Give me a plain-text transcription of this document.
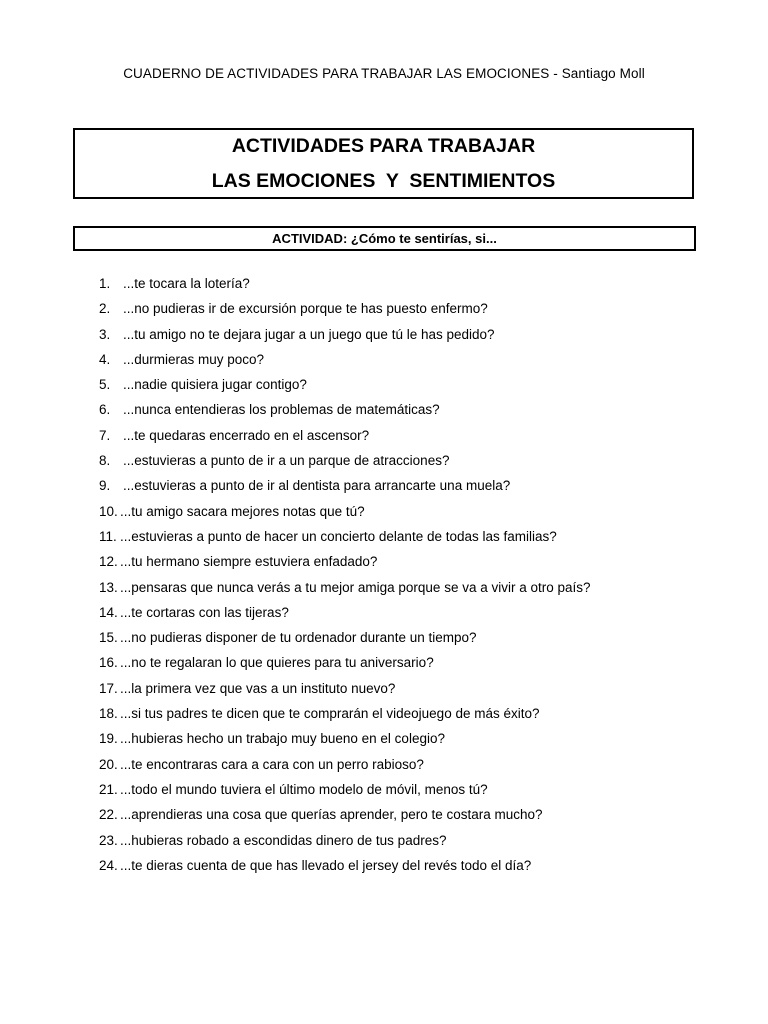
CUADERNO DE ACTIVIDADES PARA TRABAJAR LAS EMOCIONES - Santiago Moll
ACTIVIDADES PARA TRABAJAR
LAS EMOCIONES  Y  SENTIMIENTOS
ACTIVIDAD: ¿Cómo te sentirías, si...
1. ...te tocara la lotería?
2. ...no pudieras ir de excursión porque te has puesto enfermo?
3. ...tu amigo no te dejara jugar a un juego que tú le has pedido?
4. ...durmieras muy poco?
5. ...nadie quisiera jugar contigo?
6. ...nunca entendieras los problemas de matemáticas?
7. ...te quedaras encerrado en el ascensor?
8. ...estuvieras a punto de ir a un parque de atracciones?
9. ...estuvieras a punto de ir al dentista para arrancarte una muela?
10. ...tu amigo sacara mejores notas que tú?
11. ...estuvieras a punto de hacer un concierto delante de todas las familias?
12. ...tu hermano siempre estuviera enfadado?
13. ...pensaras que nunca verás a tu mejor amiga porque se va a vivir a otro país?
14. ...te cortaras con las tijeras?
15. ...no pudieras disponer de tu ordenador durante un tiempo?
16. ...no te regalaran lo que quieres para tu aniversario?
17. ...la primera vez que vas a un instituto nuevo?
18. ...si tus padres te dicen que te comprarán el videojuego de más éxito?
19. ...hubieras hecho un trabajo muy bueno en el colegio?
20. ...te encontraras cara a cara con un perro rabioso?
21. ...todo el mundo tuviera el último modelo de móvil, menos tú?
22. ...aprendieras una cosa que querías aprender, pero te costara mucho?
23. ...hubieras robado a escondidas dinero de tus padres?
24. ...te dieras cuenta de que has llevado el jersey del revés todo el día?
